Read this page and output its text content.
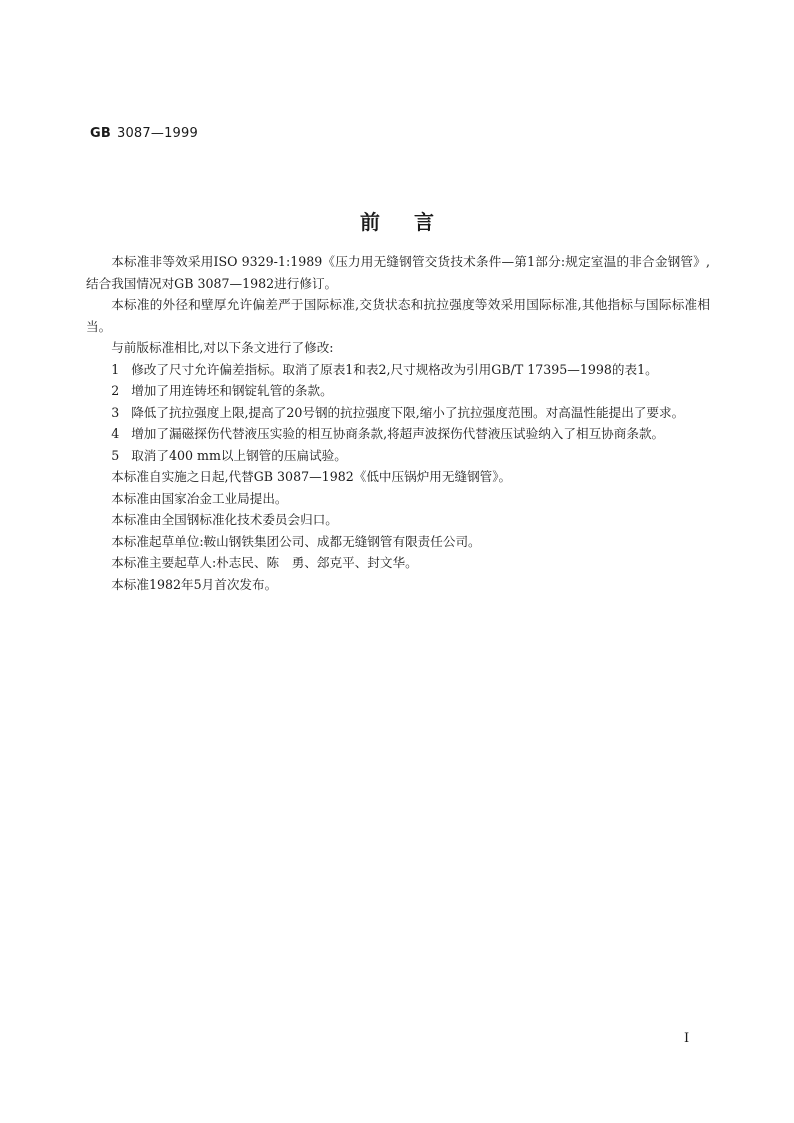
GB 3087—1999
前言

本标准非等效采用ISO 9329-1:1989《压力用无缝钢管交货技术条件—第1部分:规定室温的非合金钢管》,结合我国情况对GB 3087—1982进行修订。

本标准的外径和壁厚允许偏差严于国际标准,交货状态和抗拉强度等效采用国际标准,其他指标与国际标准相当。

与前版标准相比,对以下条文进行了修改:

1 修改了尺寸允许偏差指标。取消了原表1和表2,尺寸规格改为引用GB/T 17395—1998的表1。

2 增加了用连铸坯和钢锭轧管的条款。

3 降低了抗拉强度上限,提高了20号钢的抗拉强度下限,缩小了抗拉强度范围。对高温性能提出了要求。

4 增加了漏磁探伤代替液压实验的相互协商条款,将超声波探伤代替液压试验纳入了相互协商条款。

5 取消了400 mm以上钢管的压扁试验。

本标准自实施之日起,代替GB 3087—1982《低中压锅炉用无缝钢管》。

本标准由国家冶金工业局提出。

本标准由全国钢标准化技术委员会归口。

本标准起草单位:鞍山钢铁集团公司、成都无缝钢管有限责任公司。

本标准主要起草人:朴志民、陈　勇、郐克平、封文华。

本标准1982年5月首次发布。

I
